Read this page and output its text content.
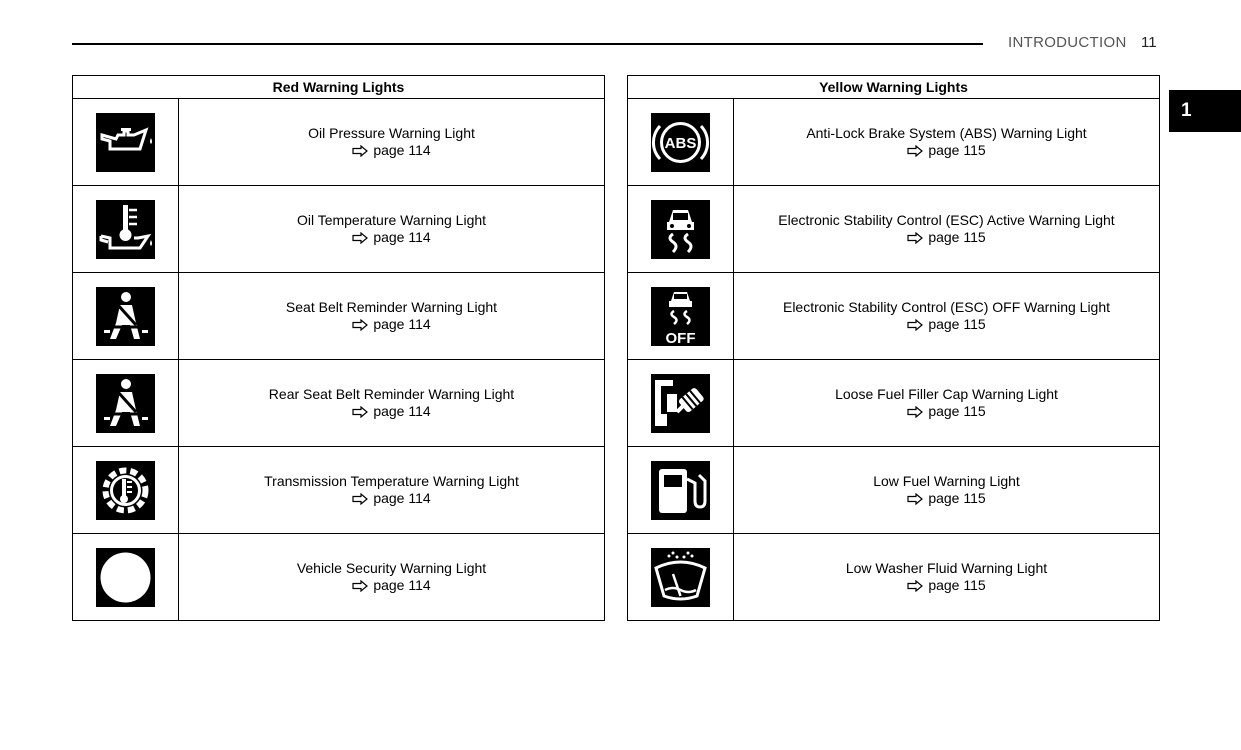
INTRODUCTION 11
1
Red Warning Lights	

	Oil Pressure Warning Light
page 114

	Oil Temperature Warning Light
page 114

	Seat Belt Reminder Warning Light
page 114

	Rear Seat Belt Reminder Warning Light
page 114

	Transmission Temperature Warning Light
page 114

	Vehicle Security Warning Light
page 114
Yellow Warning Lights	

ABS	Anti-Lock Brake System (ABS) Warning Light
page 115

	Electronic Stability Control (ESC) Active Warning Light
page 115

OFF	Electronic Stability Control (ESC) OFF Warning Light
page 115

	Loose Fuel Filler Cap Warning Light
page 115

	Low Fuel Warning Light
page 115

	Low Washer Fluid Warning Light
page 115
